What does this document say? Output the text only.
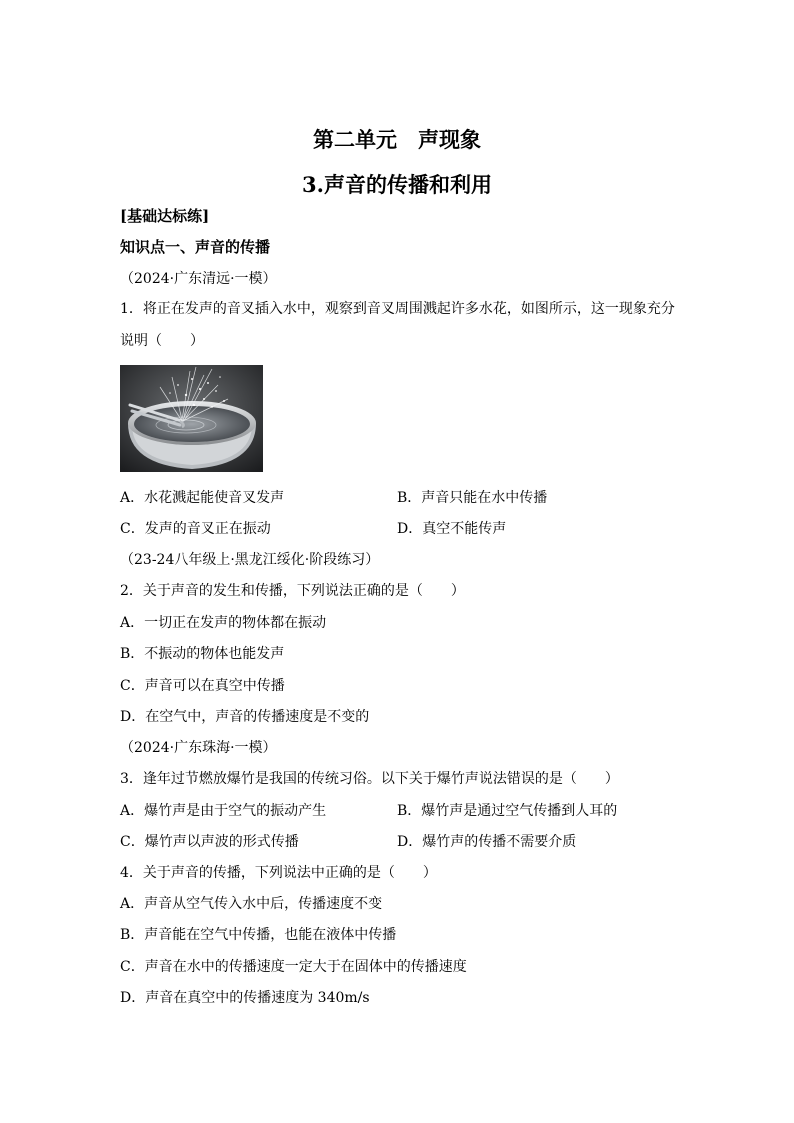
第二单元　声现象
3.声音的传播和利用
[基础达标练]
知识点一、声音的传播
（2024·广东清远·一模）
1．将正在发声的音叉插入水中，观察到音叉周围溅起许多水花，如图所示，这一现象充分
说明（　　）
A．水花溅起能使音叉发声	B．声音只能在水中传播
C．发声的音叉正在振动	D．真空不能传声
（23-24八年级上·黑龙江绥化·阶段练习）
2．关于声音的发生和传播，下列说法正确的是（　　）
A．一切正在发声的物体都在振动
B．不振动的物体也能发声
C．声音可以在真空中传播
D．在空气中，声音的传播速度是不变的
（2024·广东珠海·一模）
3．逢年过节燃放爆竹是我国的传统习俗。以下关于爆竹声说法错误的是（　　）
A．爆竹声是由于空气的振动产生	B．爆竹声是通过空气传播到人耳的
C．爆竹声以声波的形式传播	D．爆竹声的传播不需要介质
4．关于声音的传播，下列说法中正确的是（　　）
A．声音从空气传入水中后，传播速度不变
B．声音能在空气中传播，也能在液体中传播
C．声音在水中的传播速度一定大于在固体中的传播速度
D．声音在真空中的传播速度为 340m/s
